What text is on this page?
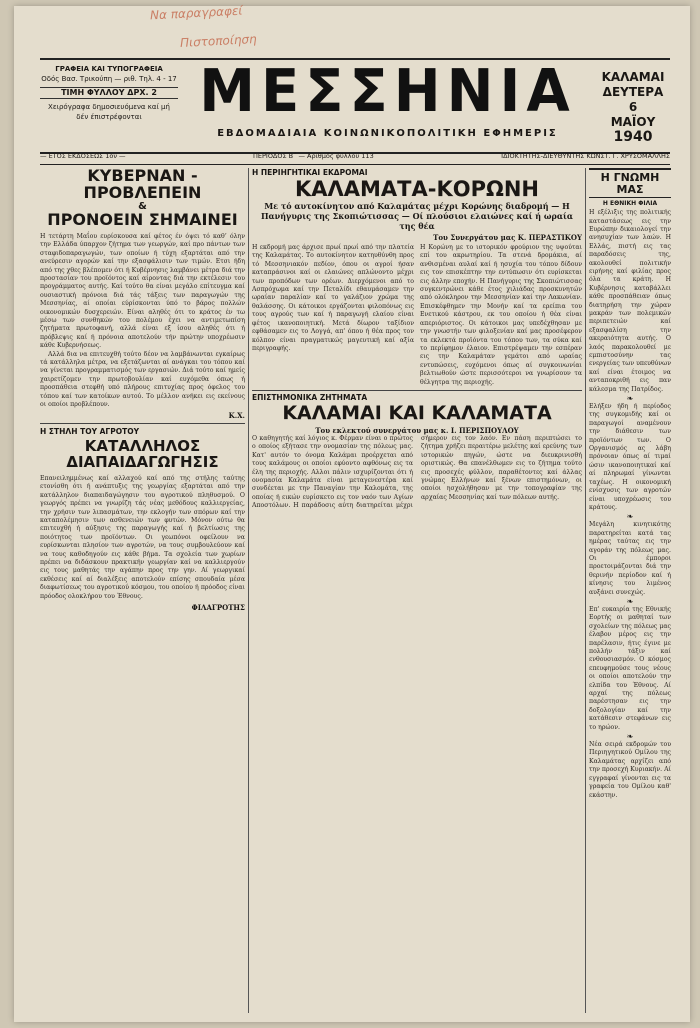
Να παραγραφεί
Πιστοποίηση
ΓΡΑΦΕΙΑ ΚΑΙ ΤΥΠΟΓΡΑΦΕΙΑ
Οδός Βασ. Τρικούπη — ριθ. Τηλ. 4 - 17
ΤΙΜΗ ΦΥΛΛΟΥ ΔΡΧ. 2
Χειρόγραφα δημοσιευόμενα καί μή
δέν έπιστρέφονται	ΜΕΣΣΗΝΙΑ
ΕΒΔΟΜΑΔΙΑΙΑ ΚΟΙΝΩΝΙΚΟΠΟΛΙΤΙΚΗ ΕΦΗΜΕΡΙΣ
ΚΑΛΑΜΑΙ
ΔΕΥΤΕΡΑ
6
ΜΑΪΟΥ
1940
— ΕΤΟΣ ΕΚΔΟΣΕΩΣ 1ον —	ΠΕΡΙΟΔΟΣ Β΄ — Αριθμός φύλλου 113	ΙΔΙΟΚΤΗΤΗΣ-ΔΙΕΥΘΥΝΤΗΣ ΚΩΝΣΤ. Γ. ΧΡΥΣΟΜΑΛΛΗΣ
ΚΥΒΕΡΝΑΝ - ΠΡΟΒΛΕΠΕΙΝ
&
ΠΡΟΝΟΕΙΝ ΣΗΜΑΙΝΕΙ
Η τετάρτη Μαΐου ευρίσκουσα καί φέτος έν όψει τό καθ’ όλην την Ελλάδα ύπαρχον ζήτημα των γεωργών, καί προ πάντων των σταφιδοπαραγωγών, των οποίων ή τύχη εξαρτάται από την ανεύρεσιν αγορών καί την εξασφάλισιν των τιμών. Ετσι ήδη από της χθες βλέπομεν ότι ή Κυβέρνησις λαμβάνει μέτρα διά την προστασίαν του προϊόντος καί αίροντας διά την εκτέλεσιν του προγράμματος αυτής. Καί τούτο θα είναι μεγάλο επίτευγμα καί ουσιαστική πρόνοια διά τάς τάξεις των παραγωγών της Μεσσηνίας, αί οποίαι εύρίσκονται ύπό το βάρος πολλών οικονομικών δυσχερειών. Είναι αληθές ότι το κράτος έν τω μέσω των συνθηκών του πολέμου έχει να αντιμετωπίση ζητήματα πρωτοφανή, αλλά είναι εξ ίσου αληθές ότι ή πρόβλεψις καί ή πρόνοια αποτελούν τήν πρώτην υποχρέωσιν κάθε Κυβερνήσεως.
Αλλά δια να επιτευχθή τούτο δέον να λαμβάνωνται εγκαίρως τά κατάλληλα μέτρα, να εξετάζωνται αί ανάγκαι του τόπου καί να γίνεται προγραμματισμός των εργασιών. Διά τούτο καί ημείς χαιρετίζομεν την πρωτοβουλίαν καί ευχόμεθα όπως ή προσπάθεια στεφθή υπό πλήρους επιτυχίας προς όφελος του τόπου καί των κατοίκων αυτού. Το μέλλον ανήκει εις εκείνους οι οποίοι προβλέπουν.
Κ.Χ.
Η ΣΤΗΛΗ ΤΟΥ ΑΓΡΟΤΟΥ
ΚΑΤΑΛΛΗΛΟΣ ΔΙΑΠΑΙΔΑΓΩΓΗΣΙΣ
Επανειλημμένως καί αλλαχού καί από της στήλης ταύτης ετονίσθη ότι ή ανάπτυξις της γεωργίας εξαρτάται από την κατάλληλον διαπαιδαγώγησιν του αγροτικού πληθυσμού. Ο γεωργός πρέπει να γνωρίζη τάς νέας μεθόδους καλλιεργείας, την χρήσιν των λιπασμάτων, την εκλογήν των σπόρων καί την καταπολέμησιν των ασθενειών των φυτών. Μόνον ούτω θα επιτευχθή ή αύξησις της παραγωγής καί ή βελτίωσις της ποιότητος των προϊόντων. Οι γεωπόνοι οφείλουν να ευρίσκωνται πλησίον των αγροτών, να τους συμβουλεύουν καί να τους καθοδηγούν εις κάθε βήμα. Τα σχολεία των χωρίων πρέπει να διδάσκουν πρακτικήν γεωργίαν καί να καλλιεργούν εις τους μαθητάς την αγάπην προς την γην. Αί γεωργικαί εκθέσεις καί αί διαλέξεις αποτελούν επίσης σπουδαία μέσα διαφωτίσεως του αγροτικού κόσμου, του οποίου ή πρόοδος είναι πρόοδος ολοκλήρου του Έθνους.
ΦΙΛΑΓΡΟΤΗΣ
Η ΠΕΡΙΗΓΗΤΙΚΑΙ ΕΚΔΡΟΜΑΙ
ΚΑΛΑΜΑΤΑ-ΚΟΡΩΝΗ
Με τό αυτοκίνητον από Καλαμάτας μέχρι Κορώνης διαδρομή — Η Πανήγυρις της Σκοπιώτισσας — Οί πλούσιοι ελαιώνες καί ή ωραία της θέα
Του Συνεργάτου μας Κ. ΠΕΡΑΣΤΙΚΟΥ
Η εκδρομή μας άρχισε πρωί πρωί από την πλατεία της Καλαμάτας. Το αυτοκίνητον κατηυθύνθη προς τό Μεσσηνιακόν πεδίον, όπου οι αγροί ήσαν καταπράσινοι καί οι ελαιώνες απλώνοντο μέχρι των προπόδων των ορέων. Διερχόμενοι από το Ασπρόχωμα καί την Πεταλίδι εθαυμάσαμεν την ωραίαν παραλίαν καί το γαλάζιον χρώμα της θαλάσσης. Οι κάτοικοι εργάζονται φιλοπόνως εις τους αγρούς των καί ή παραγωγή ελαίου είναι φέτος ικανοποιητική. Μετά δίωρον ταξίδιον εφθάσαμεν εις το Λογγά, απ' όπου ή θέα προς τον κόλπον είναι πραγματικώς μαγευτική καί αξία περιγραφής.
Η Κορώνη με το ιστορικόν φρούριον της υψούται επί του ακρωτηρίου. Τα στενά δρομάκια, αί ανθισμέναι αυλαί καί ή ησυχία του τόπου δίδουν εις τον επισκέπτην την εντύπωσιν ότι ευρίσκεται εις άλλην εποχήν. Η Πανήγυρις της Σκοπιώτισσας συγκεντρώνει κάθε έτος χιλιάδας προσκυνητών από ολόκληρον την Μεσσηνίαν καί την Λακωνίαν. Επισκέφθημεν την Μονήν καί τα ερείπια του Ενετικού κάστρου, εκ του οποίου ή θέα είναι απεριόριστος. Οι κάτοικοι μας υπεδέχθησαν με την γνωστήν των φιλοξενίαν καί μας προσέφερον τα εκλεκτά προϊόντα του τόπου των, τα σύκα καί το περίφημον έλαιον. Επιστρέψαμεν την εσπέραν εις την Καλαμάταν γεμάτοι από ωραίας εντυπώσεις, ευχόμενοι όπως αί συγκοινωνίαι βελτιωθούν ώστε περισσότεροι να γνωρίσουν τα θέλγητρα της περιοχής.
ΕΠΙΣΤΗΜΟΝΙΚΑ ΖΗΤΗΜΑΤΑ
ΚΑΛΑΜΑΙ ΚΑΙ ΚΑΛΑΜΑΤΑ
Του εκλεκτού συνεργάτου μας κ. Ι. ΠΕΡΙΣΠΟΥΛΟΥ
Ο καθηγητής καί λόγιος κ. Φέρμαν είναι ο πρώτος ο οποίος εξήτασε την ονομασίαν της πόλεως μας. Κατ' αυτόν το όνομα Καλάμαι προέρχεται από τους καλάμους οι οποίοι εφύοντο αφθόνως εις τα έλη της περιοχής. Αλλοι πάλιν ισχυρίζονται ότι ή ονομασία Καλαμάτα είναι μεταγενεστέρα καί συνδέεται με την Παναγίαν την Καλομάτα, της οποίας ή εικών ευρίσκετο εις τον ναόν των Αγίων Αποστόλων. Η παράδοσις αύτη διατηρείται μέχρι σήμερον εις τον λαόν. Εν πάση περιπτώσει το ζήτημα χρήζει περαιτέρω μελέτης καί ερεύνης των ιστορικών πηγών, ώστε να διευκρινισθή οριστικώς. Θα επανέλθωμεν εις το ζήτημα τούτο εις προσεχές φύλλον, παραθέτοντες καί άλλας γνώμας Ελλήνων καί ξένων επιστημόνων, οι οποίοι ησχολήθησαν με την τοπογραφίαν της αρχαίας Μεσσηνίας καί των πόλεων αυτής.
Η ΓΝΩΜΗ ΜΑΣ
Η ΕΘΝΙΚΗ ΦΙΛΙΑ
Η εξέλιξις της πολιτικής καταστάσεως εις την Ευρώπην δικαιολογεί την ανησυχίαν των λαών. Η Ελλάς, πιστή εις τας παραδόσεις της, ακολουθεί πολιτικήν ειρήνης καί φιλίας προς όλα τα κράτη. Η Κυβέρνησις καταβάλλει κάθε προσπάθειαν όπως διατηρήση την χώραν μακράν των πολεμικών περιπετειών καί εξασφαλίση την ακεραιότητα αυτής. Ο λαός παρακολουθεί με εμπιστοσύνην τας ενεργείας των υπευθύνων καί είναι έτοιμος να ανταποκριθή εις παν κάλεσμα της Πατρίδος.
❧
Ελήξεν ήδη ή περίοδος της συγκομιδής καί οι παραγωγοί αναμένουν την διάθεσιν των προϊόντων των. Ο Οργανισμός ας λάβη πρόνοιαν όπως αί τιμαί ώσιν ικανοποιητικαί καί αί πληρωμαί γίνωνται ταχέως. Η οικονομική ενίσχυσις των αγροτών είναι υποχρέωσις του κράτους.
❧
Μεγάλη κινητικότης παρατηρείται κατά τας ημέρας ταύτας εις την αγοράν της πόλεως μας. Οι έμποροι προετοιμάζονται διά την θερινήν περίοδον καί ή κίνησις του λιμένος αυξάνει συνεχώς.
❧
Επ' ευκαιρία της Εθνικής Εορτής οι μαθηταί των σχολείων της πόλεως μας έλαβον μέρος εις την παρέλασιν, ήτις έγινε με πολλήν τάξιν καί ενθουσιασμόν. Ο κόσμος επευφημούσε τους νέους οι οποίοι αποτελούν την ελπίδα του Έθνους. Αί αρχαί της πόλεως παρέστησαν εις την δοξολογίαν καί την κατάθεσιν στεφάνων εις το ηρώον.
❧
Νέα σειρά εκδρομών του Περιηγητικού Ομίλου της Καλαμάτας αρχίζει από την προσεχή Κυριακήν. Αί εγγραφαί γίνονται εις τα γραφεία του Ομίλου καθ' εκάστην.
